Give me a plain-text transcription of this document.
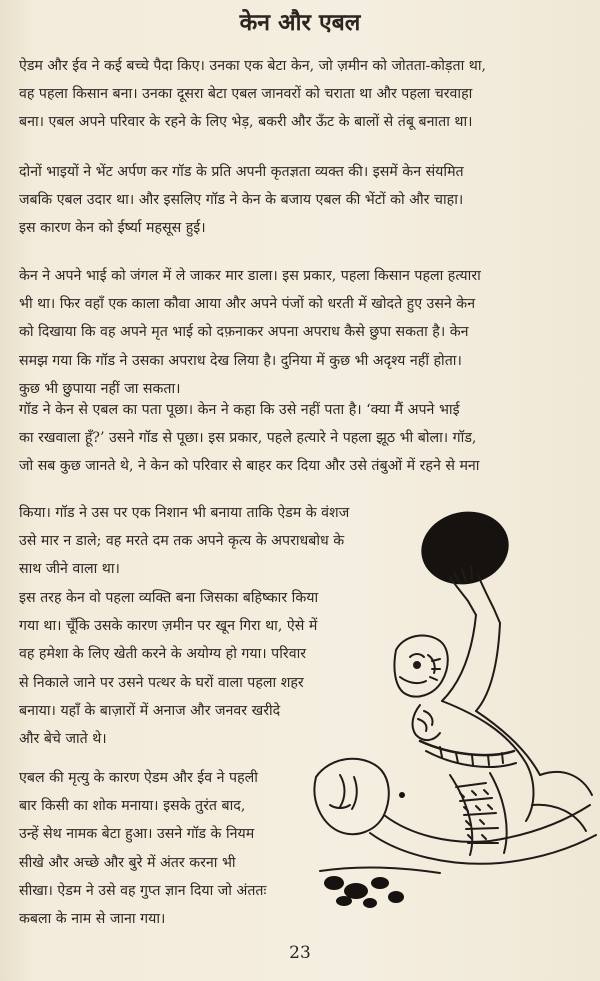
केन और एबल
ऐडम और ईव ने कई बच्चे पैदा किए। उनका एक बेटा केन, जो ज़मीन को जोतता-कोड़ता था,
वह पहला किसान बना। उनका दूसरा बेटा एबल जानवरों को चराता था और पहला चरवाहा
बना। एबल अपने परिवार के रहने के लिए भेड़, बकरी और ऊँट के बालों से तंबू बनाता था।
दोनों भाइयों ने भेंट अर्पण कर गॉड के प्रति अपनी कृतज्ञता व्यक्त की। इसमें केन संयमित
जबकि एबल उदार था। और इसलिए गॉड ने केन के बजाय एबल की भेंटों को और चाहा।
इस कारण केन को ईर्ष्या महसूस हुई।
केन ने अपने भाई को जंगल में ले जाकर मार डाला। इस प्रकार, पहला किसान पहला हत्यारा
भी था। फिर वहाँ एक काला कौवा आया और अपने पंजों को धरती में खोदते हुए उसने केन
को दिखाया कि वह अपने मृत भाई को दफ़नाकर अपना अपराध कैसे छुपा सकता है। केन
समझ गया कि गॉड ने उसका अपराध देख लिया है। दुनिया में कुछ भी अदृश्य नहीं होता।
कुछ भी छुपाया नहीं जा सकता।
गॉड ने केन से एबल का पता पूछा। केन ने कहा कि उसे नहीं पता है। ‘क्या मैं अपने भाई
का रखवाला हूँ?’ उसने गॉड से पूछा। इस प्रकार, पहले हत्यारे ने पहला झूठ भी बोला। गॉड,
जो सब कुछ जानते थे, ने केन को परिवार से बाहर कर दिया और उसे तंबुओं में रहने से मना
किया। गॉड ने उस पर एक निशान भी बनाया ताकि ऐडम के वंशज
उसे मार न डाले; वह मरते दम तक अपने कृत्य के अपराधबोध के
साथ जीने वाला था।
इस तरह केन वो पहला व्यक्ति बना जिसका बहिष्कार किया
गया था। चूँकि उसके कारण ज़मीन पर खून गिरा था, ऐसे में
वह हमेशा के लिए खेती करने के अयोग्य हो गया। परिवार
से निकाले जाने पर उसने पत्थर के घरों वाला पहला शहर
बनाया। यहाँ के बाज़ारों में अनाज और जनवर खरीदे
और बेचे जाते थे।
एबल की मृत्यु के कारण ऐडम और ईव ने पहली
बार किसी का शोक मनाया। इसके तुरंत बाद,
उन्हें सेथ नामक बेटा हुआ। उसने गॉड के नियम
सीखे और अच्छे और बुरे में अंतर करना भी
सीखा। ऐडम ने उसे वह गुप्त ज्ञान दिया जो अंततः
कबला के नाम से जाना गया।
23
